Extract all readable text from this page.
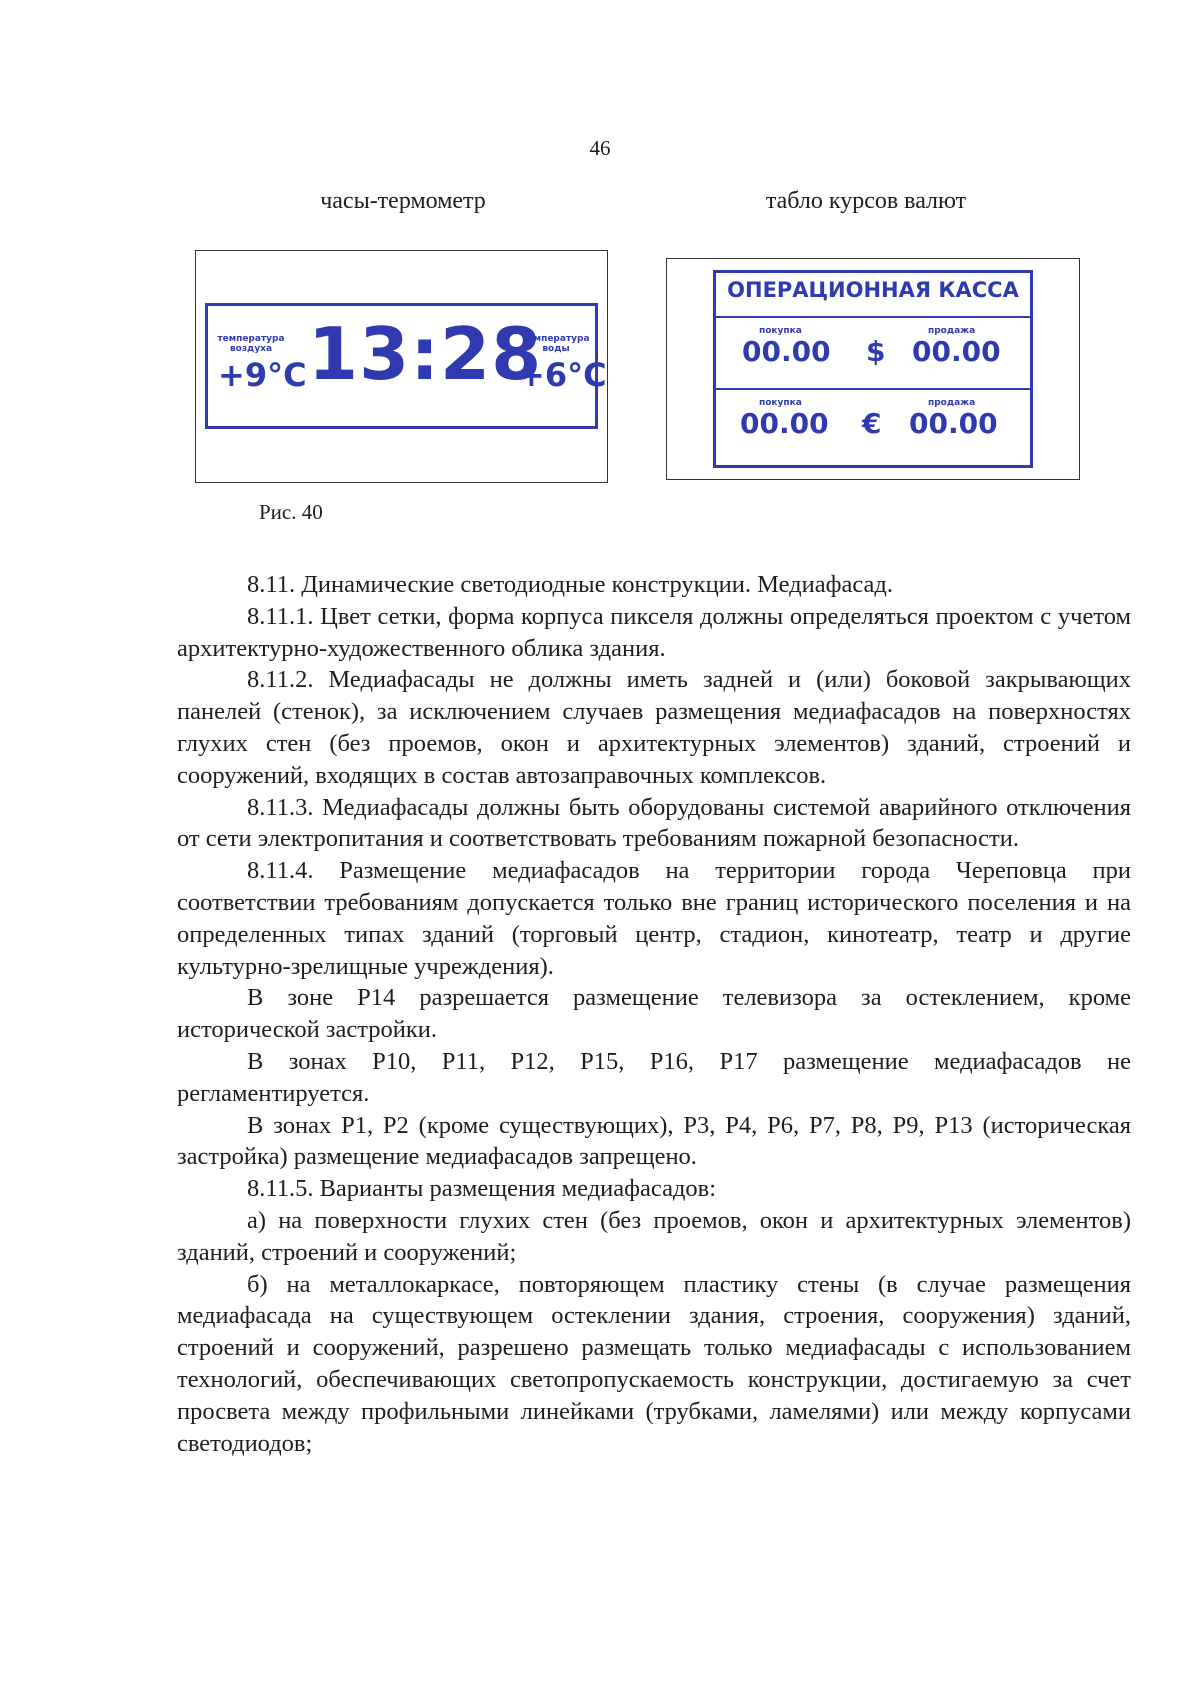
46
часы-термометр	табло курсов валют
температура
воздуха
+9°C 13:28
температура
воды
+6°C
ОПЕРАЦИОННАЯ КАССА
покупка	продажа
00.00 $ 00.00
покупка	продажа
00.00 € 00.00
Рис. 40

8.11. Динамические светодиодные конструкции. Медиафасад.

8.11.1. Цвет сетки, форма корпуса пикселя должны определяться проектом с учетом архитектурно-художественного облика здания.

8.11.2. Медиафасады не должны иметь задней и (или) боковой закрывающих панелей (стенок), за исключением случаев размещения медиафасадов на поверхностях глухих стен (без проемов, окон и архитектурных элементов) зданий, строений и сооружений, входящих в состав автозаправочных комплексов.

8.11.3. Медиафасады должны быть оборудованы системой аварийного отключения от сети электропитания и соответствовать требованиям пожарной безопасности.

8.11.4. Размещение медиафасадов на территории города Череповца при соответствии требованиям допускается только вне границ исторического поселения и на определенных типах зданий (торговый центр, стадион, кинотеатр, театр и другие культурно-зрелищные учреждения).

В зоне Р14 разрешается размещение телевизора за остеклением, кроме исторической застройки.

В зонах Р10, Р11, Р12, Р15, Р16, Р17 размещение медиафасадов не регламентируется.

В зонах Р1, Р2 (кроме существующих), Р3, Р4, Р6, Р7, Р8, Р9, Р13 (историческая застройка) размещение медиафасадов запрещено.

8.11.5. Варианты размещения медиафасадов:

а) на поверхности глухих стен (без проемов, окон и архитектурных элементов) зданий, строений и сооружений;

б) на металлокаркасе, повторяющем пластику стены (в случае размещения медиафасада на существующем остеклении здания, строения, сооружения) зданий, строений и сооружений, разрешено размещать только медиафасады с использованием технологий, обеспечивающих светопропускаемость конструкции, достигаемую за счет просвета между профильными линейками (трубками, ламелями) или между корпусами светодиодов;
